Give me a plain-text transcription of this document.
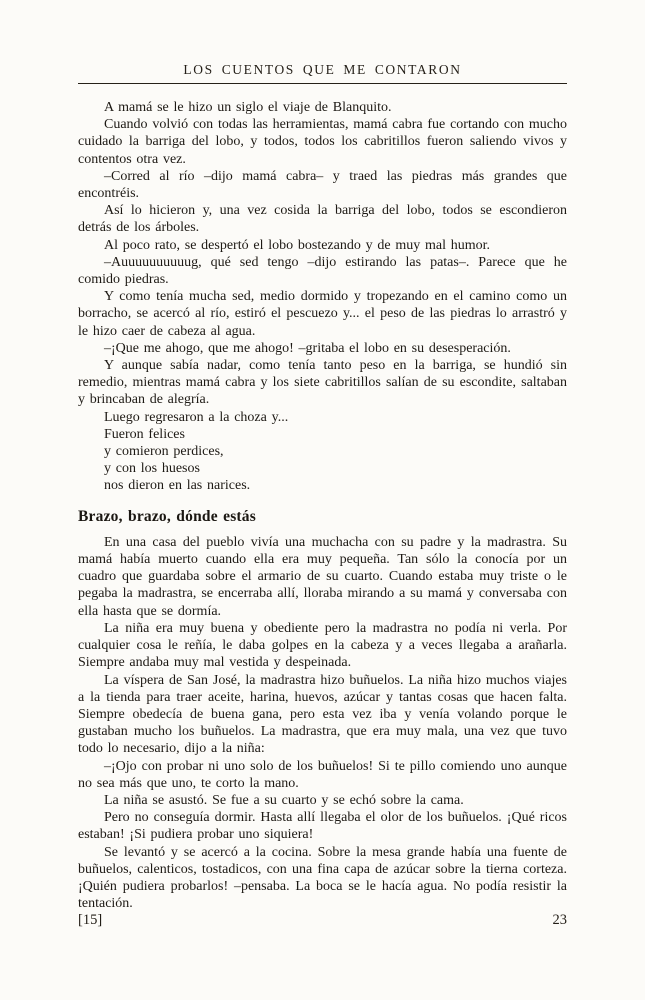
LOS CUENTOS QUE ME CONTARON

A mamá se le hizo un siglo el viaje de Blanquito.

Cuando volvió con todas las herramientas, mamá cabra fue cortando con mucho cuidado la barriga del lobo, y todos, todos los cabritillos fueron saliendo vivos y contentos otra vez.

–Corred al río –dijo mamá cabra– y traed las piedras más grandes que encontréis.

Así lo hicieron y, una vez cosida la barriga del lobo, todos se escondieron detrás de los árboles.

Al poco rato, se despertó el lobo bostezando y de muy mal humor.

–Auuuuuuuuuug, qué sed tengo –dijo estirando las patas–. Parece que he comido piedras.

Y como tenía mucha sed, medio dormido y tropezando en el camino como un borracho, se acercó al río, estiró el pescuezo y... el peso de las piedras lo arrastró y le hizo caer de cabeza al agua.

–¡Que me ahogo, que me ahogo! –gritaba el lobo en su desesperación.

Y aunque sabía nadar, como tenía tanto peso en la barriga, se hundió sin remedio, mientras mamá cabra y los siete cabritillos salían de su escondite, saltaban y brincaban de alegría.

Luego regresaron a la choza y...

Fueron felices

y comieron perdices,

y con los huesos

nos dieron en las narices.

Brazo, brazo, dónde estás

En una casa del pueblo vivía una muchacha con su padre y la madrastra. Su mamá había muerto cuando ella era muy pequeña. Tan sólo la conocía por un cuadro que guardaba sobre el armario de su cuarto. Cuando estaba muy triste o le pegaba la madrastra, se encerraba allí, lloraba mirando a su mamá y conversaba con ella hasta que se dormía.

La niña era muy buena y obediente pero la madrastra no podía ni verla. Por cualquier cosa le reñía, le daba golpes en la cabeza y a veces llegaba a arañarla. Siempre andaba muy mal vestida y despeinada.

La víspera de San José, la madrastra hizo buñuelos. La niña hizo muchos viajes a la tienda para traer aceite, harina, huevos, azúcar y tantas cosas que hacen falta. Siempre obedecía de buena gana, pero esta vez iba y venía volando porque le gustaban mucho los buñuelos. La madrastra, que era muy mala, una vez que tuvo todo lo necesario, dijo a la niña:

–¡Ojo con probar ni uno solo de los buñuelos! Si te pillo comiendo uno aunque no sea más que uno, te corto la mano.

La niña se asustó. Se fue a su cuarto y se echó sobre la cama.

Pero no conseguía dormir. Hasta allí llegaba el olor de los buñuelos. ¡Qué ricos estaban! ¡Si pudiera probar uno siquiera!

Se levantó y se acercó a la cocina. Sobre la mesa grande había una fuente de buñuelos, calenticos, tostadicos, con una fina capa de azúcar sobre la tierna corteza. ¡Quién pudiera probarlos! –pensaba. La boca se le hacía agua. No podía resistir la tentación.

[15]	23
